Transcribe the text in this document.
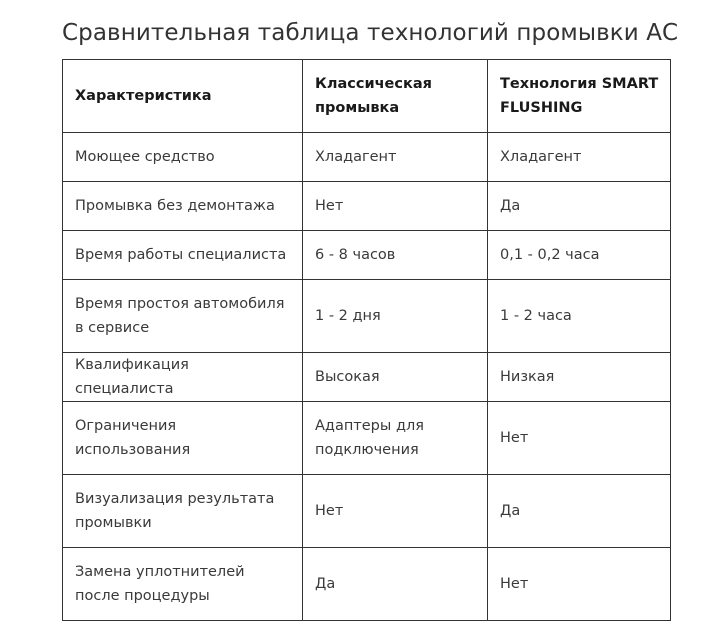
Сравнительная таблица технологий промывки АС
Характеристика	Классическая промывка	Технология SMART FLUSHING
Моющее средство	Хладагент	Хладагент
Промывка без демонтажа	Нет	Да
Время работы специалиста	6 - 8 часов	0,1 - 0,2 часа
Время простоя автомобиля в сервисе	1 - 2 дня	1 - 2 часа
Квалификация специалиста	Высокая	Низкая
Ограничения использования	Адаптеры для подключения	Нет
Визуализация результата промывки	Нет	Да
Замена уплотнителей после процедуры	Да	Нет
